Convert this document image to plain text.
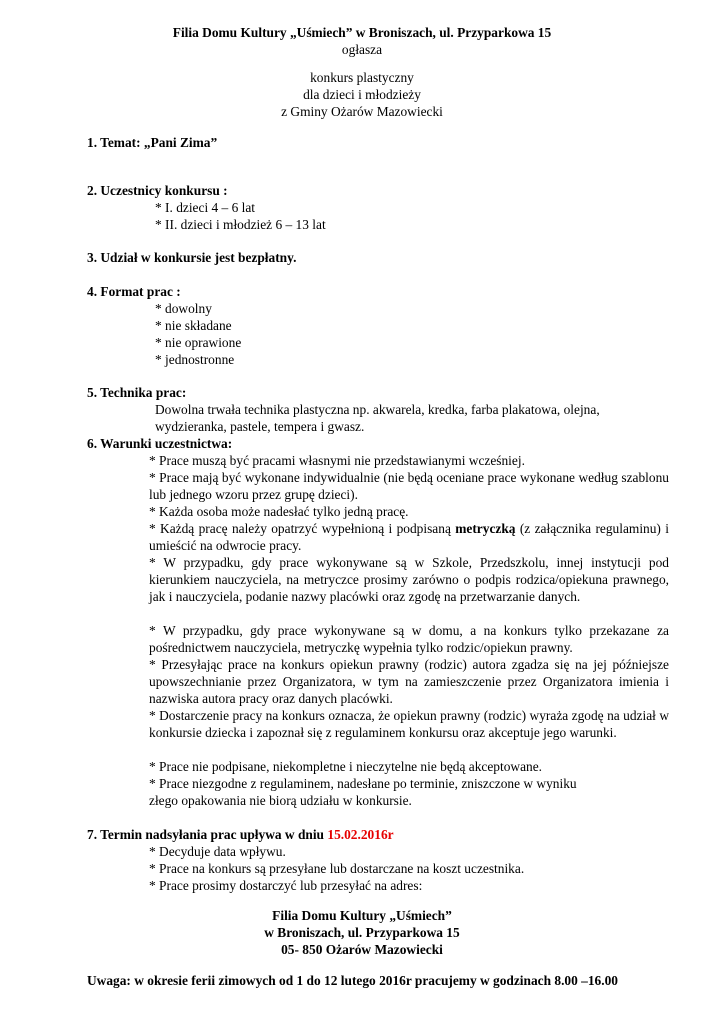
Filia Domu Kultury „Uśmiech” w Broniszach, ul. Przyparkowa 15
ogłasza
konkurs plastyczny
dla dzieci i młodzieży
z Gminy Ożarów Mazowiecki
1. Temat: „Pani Zima”
2. Uczestnicy konkursu :
* I. dzieci 4 – 6 lat
* II. dzieci i młodzież 6 – 13 lat
3. Udział w konkursie jest bezpłatny.
4. Format prac :
* dowolny
* nie składane
* nie oprawione
* jednostronne
5. Technika prac:
Dowolna trwała technika plastyczna np. akwarela, kredka, farba plakatowa, olejna,
wydzieranka, pastele, tempera i gwasz.
6. Warunki uczestnictwa:
* Prace muszą być pracami własnymi nie przedstawianymi wcześniej.
* Prace mają być wykonane indywidualnie (nie będą oceniane prace wykonane według szablonu lub jednego wzoru przez grupę dzieci).
* Każda osoba może nadesłać tylko jedną pracę.
* Każdą pracę należy opatrzyć wypełnioną i podpisaną metryczką (z załącznika regulaminu) i umieścić na odwrocie pracy.
* W przypadku, gdy prace wykonywane są w Szkole, Przedszkolu, innej instytucji pod kierunkiem nauczyciela, na metryczce prosimy zarówno o podpis rodzica/opiekuna prawnego, jak i nauczyciela, podanie nazwy placówki oraz zgodę na przetwarzanie danych.
* W przypadku, gdy prace wykonywane są w domu, a na konkurs tylko przekazane za pośrednictwem nauczyciela, metryczkę wypełnia tylko rodzic/opiekun prawny.
* Przesyłając prace na konkurs opiekun prawny (rodzic) autora zgadza się na jej późniejsze upowszechnianie przez Organizatora, w tym na zamieszczenie przez Organizatora imienia i nazwiska autora pracy oraz danych placówki.
* Dostarczenie pracy na konkurs oznacza, że opiekun prawny (rodzic) wyraża zgodę na udział w konkursie dziecka i zapoznał się z regulaminem konkursu oraz akceptuje jego warunki.
* Prace nie podpisane, niekompletne i nieczytelne nie będą akceptowane.
* Prace niezgodne z regulaminem, nadesłane po terminie, zniszczone w wyniku
złego opakowania nie biorą udziału w konkursie.
7. Termin nadsyłania prac upływa w dniu 15.02.2016r
* Decyduje data wpływu.
* Prace na konkurs są przesyłane lub dostarczane na koszt uczestnika.
* Prace prosimy dostarczyć lub przesyłać na adres:
Filia Domu Kultury „Uśmiech”
w Broniszach, ul. Przyparkowa 15
05- 850 Ożarów Mazowiecki
Uwaga: w okresie ferii zimowych od 1 do 12 lutego 2016r pracujemy w godzinach 8.00 –16.00
